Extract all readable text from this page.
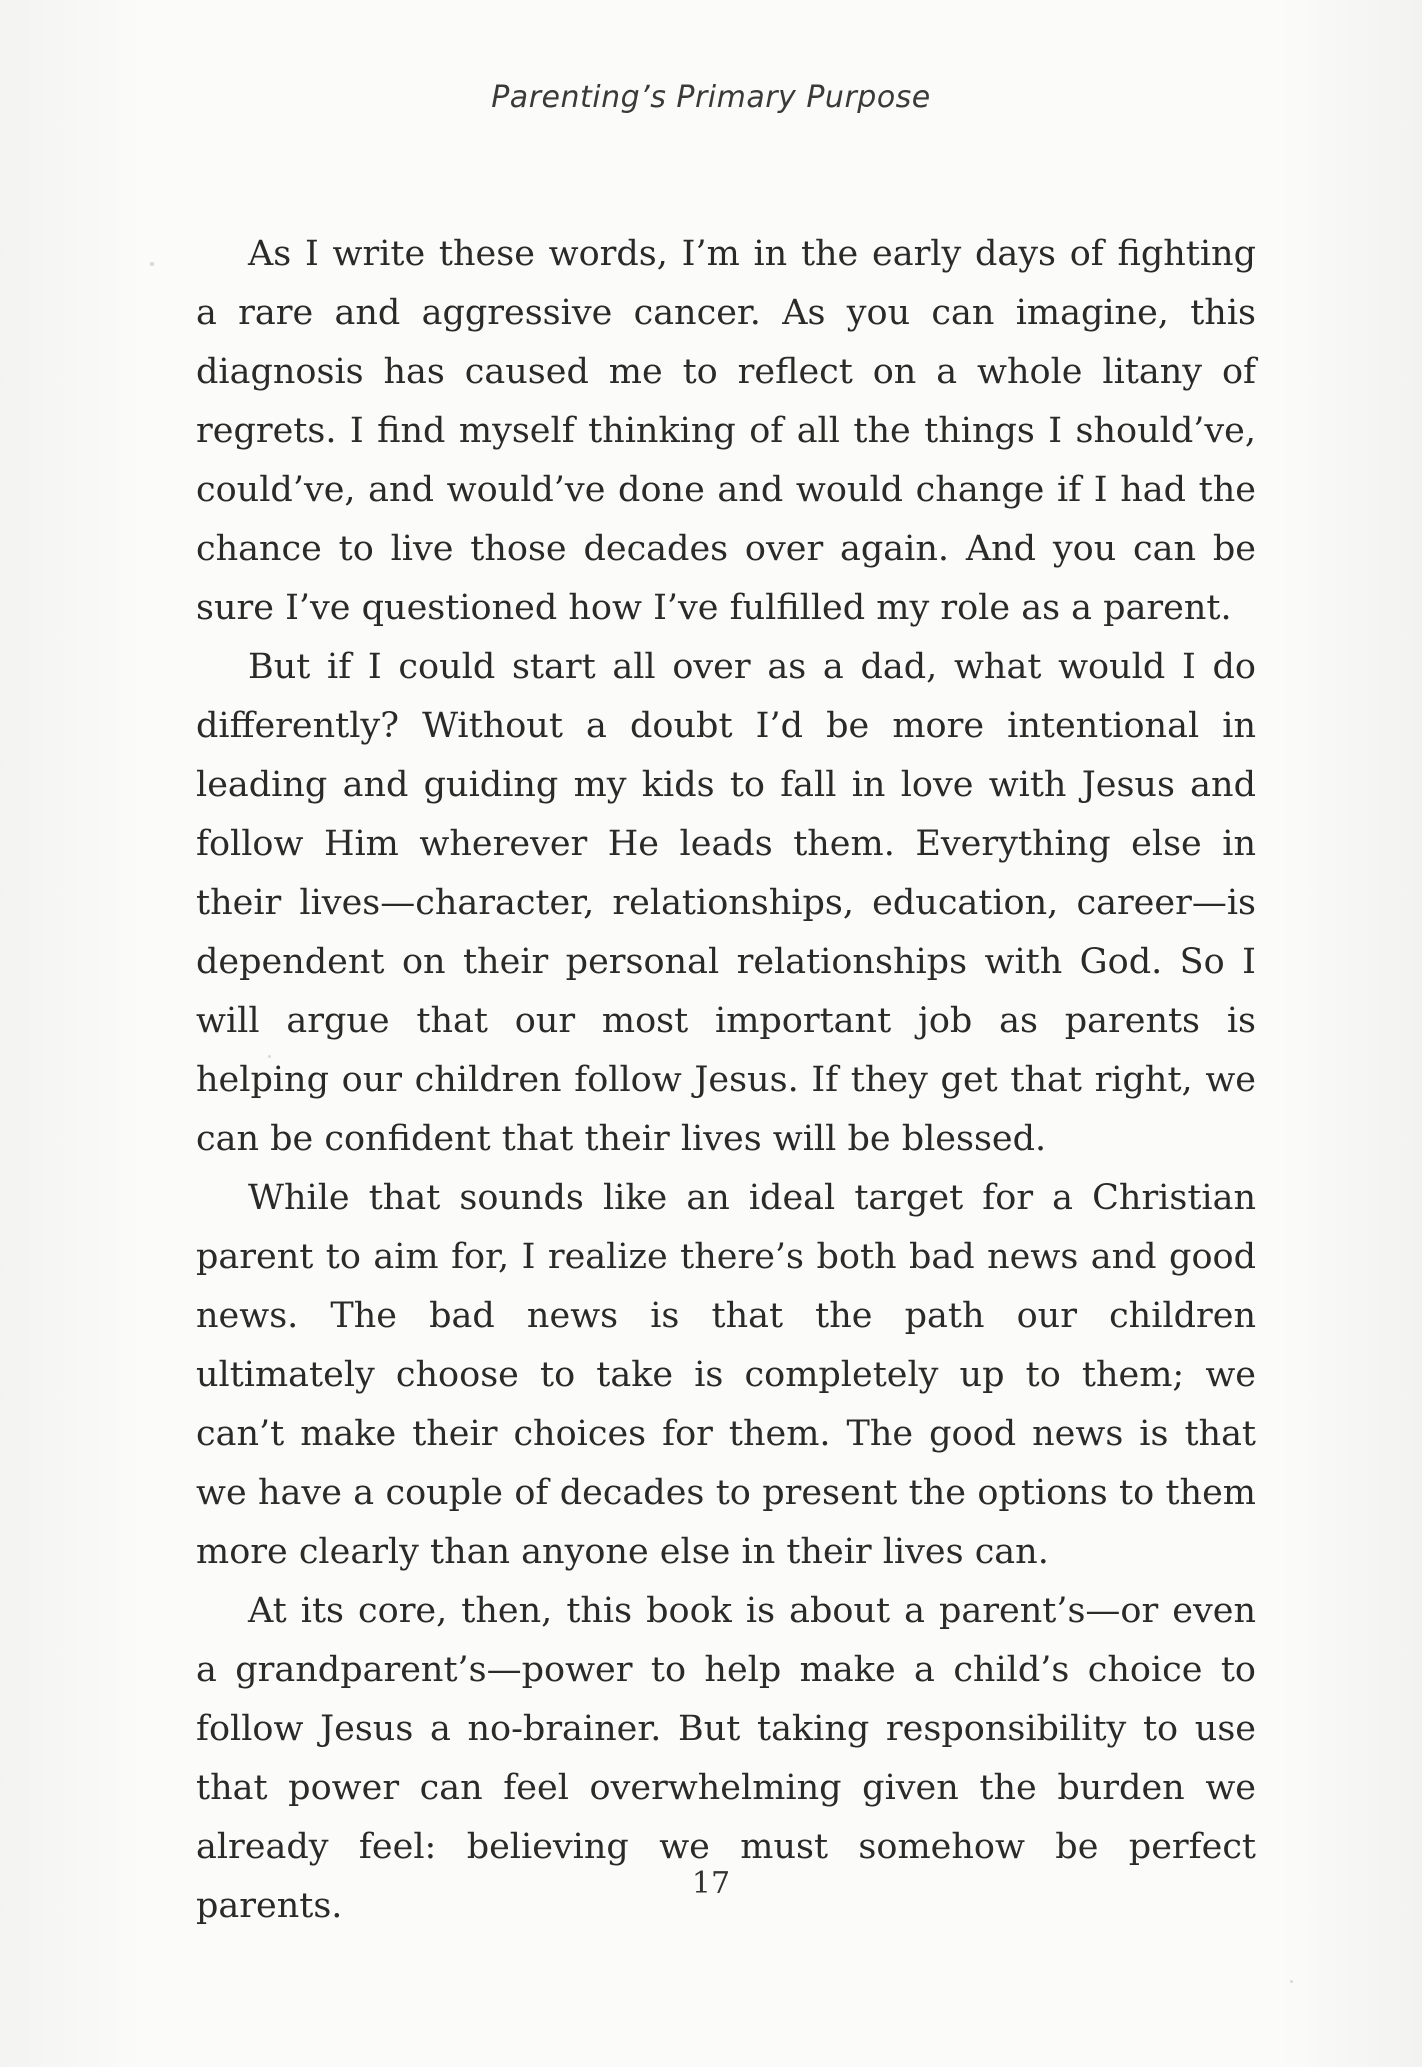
Parenting’s Primary Purpose

As I write these words, I’m in the early days of fighting a rare and aggressive cancer. As you can imagine, this diagnosis has caused me to reflect on a whole litany of regrets. I find myself thinking of all the things I should’ve, could’ve, and would’ve done and would change if I had the chance to live those decades over again. And you can be sure I’ve questioned how I’ve fulfilled my role as a parent.

But if I could start all over as a dad, what would I do differently? Without a doubt I’d be more intentional in leading and guiding my kids to fall in love with Jesus and follow Him wherever He leads them. Everything else in their lives—character, relationships, education, career—is dependent on their personal relationships with God. So I will argue that our most important job as parents is helping our children follow Jesus. If they get that right, we can be confident that their lives will be blessed.

While that sounds like an ideal target for a Christian parent to aim for, I realize there’s both bad news and good news. The bad news is that the path our children ultimately choose to take is completely up to them; we can’t make their choices for them. The good news is that we have a couple of decades to present the options to them more clearly than anyone else in their lives can.

At its core, then, this book is about a parent’s—or even a grandparent’s—power to help make a child’s choice to follow Jesus a no-brainer. But taking responsibility to use that power can feel overwhelming given the burden we already feel: believing we must somehow be perfect parents.

17
